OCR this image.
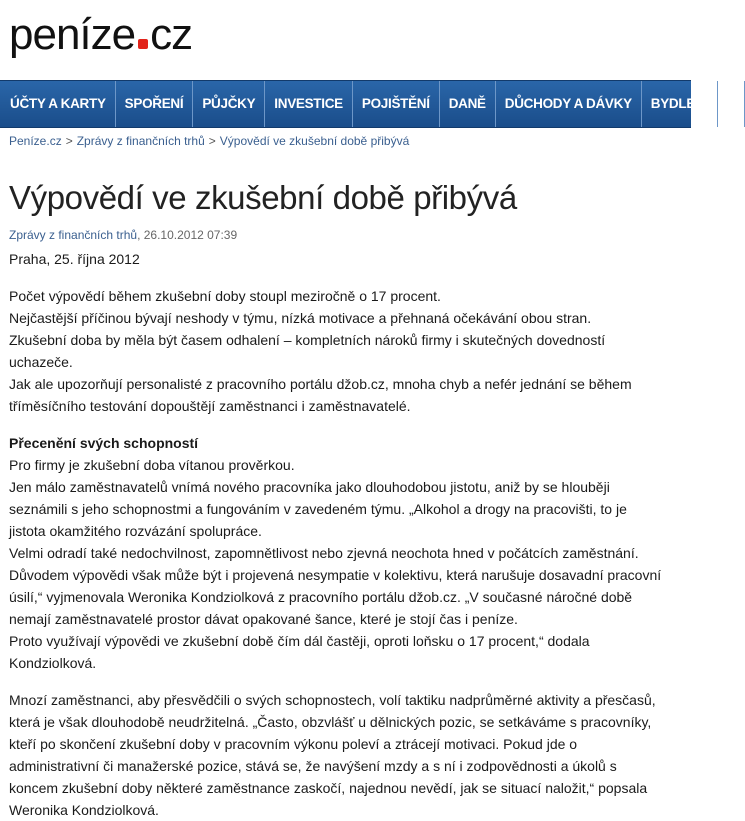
peníze cz
ÚČTY A KARTY SPOŘENÍ PŮJČKY INVESTICE POJIŠTĚNÍ DANĚ DŮCHODY A DÁVKY BYDLENÍ Z
Peníze.cz > Zprávy z finančních trhů > Výpovědí ve zkušební době přibývá
Výpovědí ve zkušební době přibývá
Zprávy z finančních trhů, 26.10.2012 07:39

Praha, 25. října 2012

Počet výpovědí během zkušební doby stoupl meziročně o 17 procent.

Nejčastější příčinou bývají neshody v týmu, nízká motivace a přehnaná očekávání obou stran.

Zkušební doba by měla být časem odhalení – kompletních nároků firmy i skutečných dovedností

uchazeče.

Jak ale upozorňují personalisté z pracovního portálu džob.cz, mnoha chyb a nefér jednání se během

tříměsíčního testování dopouštějí zaměstnanci i zaměstnavatelé.

Přecenění svých schopností

Pro firmy je zkušební doba vítanou prověrkou.

Jen málo zaměstnavatelů vnímá nového pracovníka jako dlouhodobou jistotu, aniž by se hlouběji

seznámili s jeho schopnostmi a fungováním v zavedeném týmu. „Alkohol a drogy na pracovišti, to je

jistota okamžitého rozvázání spolupráce.

Velmi odradí také nedochvilnost, zapomnětlivost nebo zjevná neochota hned v počátcích zaměstnání.

Důvodem výpovědi však může být i projevená nesympatie v kolektivu, která narušuje dosavadní pracovní

úsilí,“ vyjmenovala Weronika Kondziolková z pracovního portálu džob.cz. „V současné náročné době

nemají zaměstnavatelé prostor dávat opakované šance, které je stojí čas i peníze.

Proto využívají výpovědi ve zkušební době čím dál častěji, oproti loňsku o 17 procent,“ dodala

Kondziolková.

Mnozí zaměstnanci, aby přesvědčili o svých schopnostech, volí taktiku nadprůměrné aktivity a přesčasů,

která je však dlouhodobě neudržitelná. „Často, obzvlášť u dělnických pozic, se setkáváme s pracovníky,

kteří po skončení zkušební doby v pracovním výkonu poleví a ztrácejí motivaci. Pokud jde o

administrativní či manažerské pozice, stává se, že navýšení mzdy a s ní i zodpovědnosti a úkolů s

koncem zkušební doby některé zaměstnance zaskočí, najednou nevědí, jak se situací naložit,“ popsala

Weronika Kondziolková.
